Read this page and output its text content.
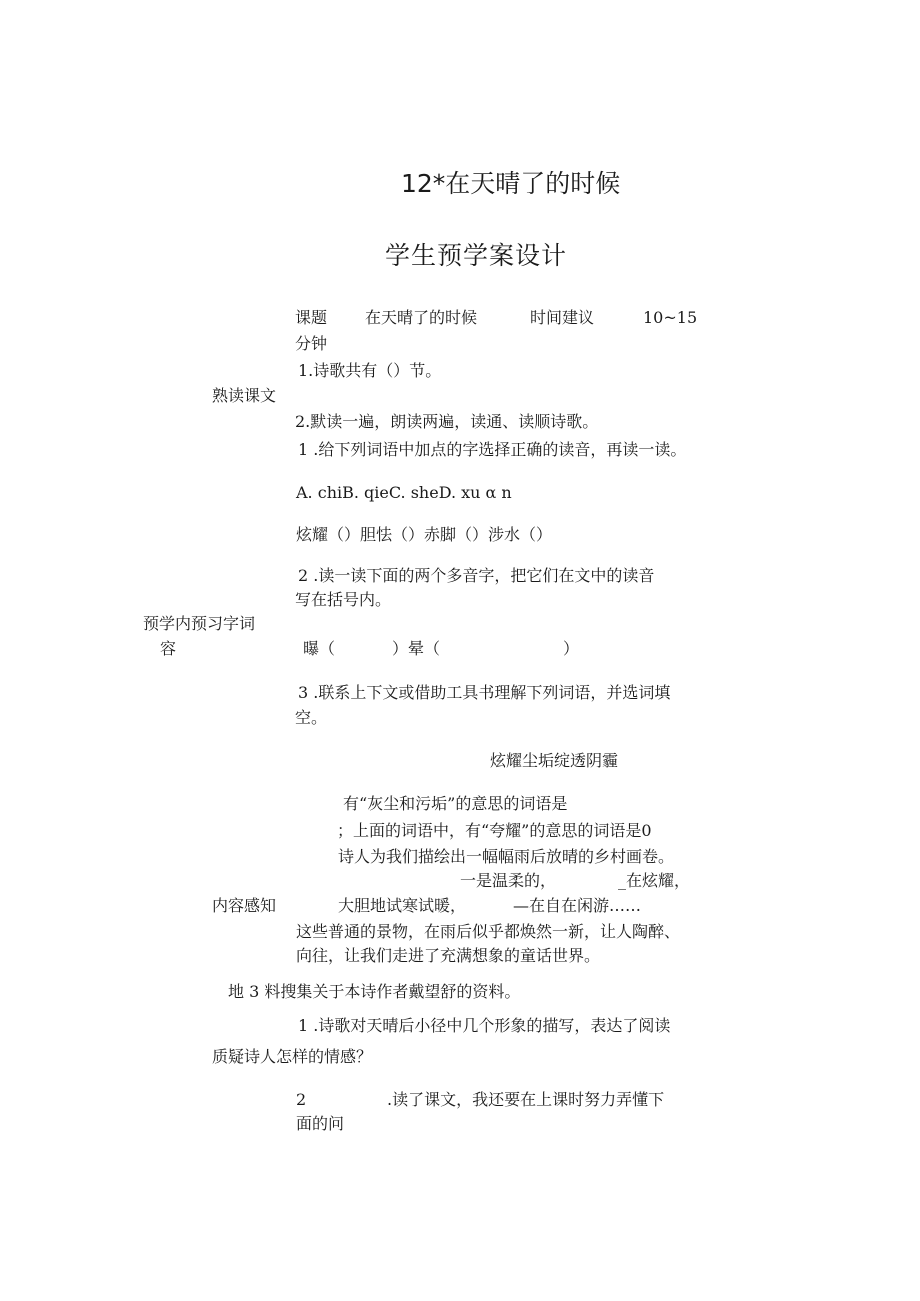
12*在天晴了的时候
学生预学案设计
课题 在天晴了的时候	时间建议	10~15
分钟
1.诗歌共有（）节。
熟读课文
2.默读一遍，朗读两遍，读通、读顺诗歌。
1 .给下列词语中加点的字选择正确的读音，再读一读。
A. chiB. qieC. sheD. xu α n
炫耀（）胆怯（）赤脚（）涉水（）
2 .读一读下面的两个多音字，把它们在文中的读音
写在括号内。
预学内预习字词
容	曝（	）晕（	）
3 .联系上下文或借助工具书理解下列词语，并选词填
空。
炫耀尘垢绽透阴霾
有“灰尘和污垢”的意思的词语是
；上面的词语中，有“夸耀”的意思的词语是0
诗人为我们描绘出一幅幅雨后放晴的乡村画卷。
一是温柔的，	_在炫耀，
内容感知	大胆地试寒试暖，	—在自在闲游……
这些普通的景物，在雨后似乎都焕然一新，让人陶醉、
向往，让我们走进了充满想象的童话世界。
地 3 料搜集关于本诗作者戴望舒的资料。
1 .诗歌对天晴后小径中几个形象的描写，表达了阅读
质疑诗人怎样的情感？
2	.读了课文，我还要在上课时努力弄懂下
面的问
